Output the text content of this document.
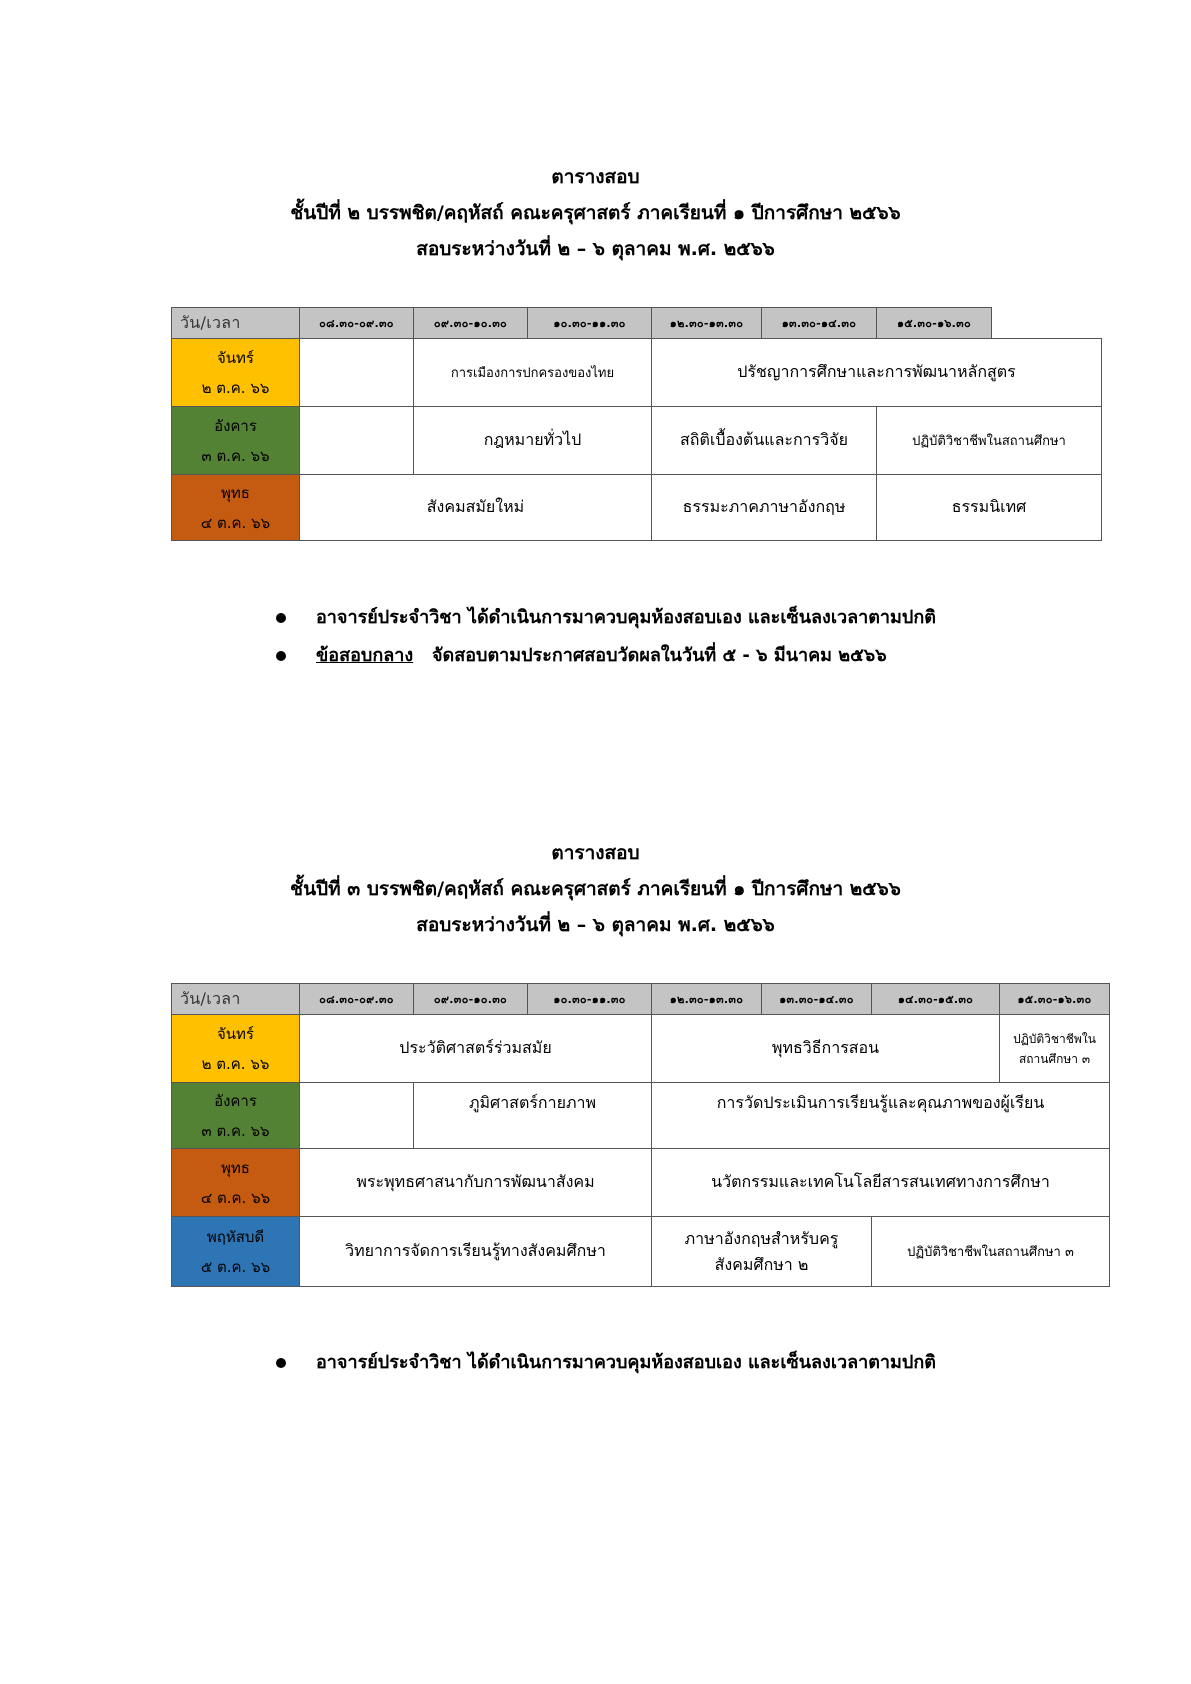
ตารางสอบ
ชั้นปีที่ ๒ บรรพชิต/คฤหัสถ์ คณะครุศาสตร์ ภาคเรียนที่ ๑ ปีการศึกษา ๒๕๖๖
สอบระหว่างวันที่ ๒ – ๖ ตุลาคม พ.ศ. ๒๕๖๖
วัน/เวลา	๐๘.๓๐-๐๙.๓๐	๐๙.๓๐-๑๐.๓๐	๑๐.๓๐-๑๑.๓๐	๑๒.๓๐-๑๓.๓๐	๑๓.๓๐-๑๔.๓๐	๑๕.๓๐-๑๖.๓๐

จันทร์
๒ ต.ค. ๖๖		การเมืองการปกครองของไทย		ปรัชญาการศึกษาและการพัฒนาหลักสูตร		

อังคาร
๓ ต.ค. ๖๖		กฎหมายทั่วไป		สถิติเบื้องต้นและการวิจัย		ปฏิบัติวิชาชีพในสถานศึกษา

พุทธ
๔ ต.ค. ๖๖	สังคมสมัยใหม่			ธรรมะภาคภาษาอังกฤษ		ธรรมนิเทศ
อาจารย์ประจำวิชา ได้ดำเนินการมาควบคุมห้องสอบเอง และเซ็นลงเวลาตามปกติ
ข้อสอบกลาง จัดสอบตามประกาศสอบวัดผลในวันที่ ๕ - ๖ มีนาคม ๒๕๖๖
ตารางสอบ
ชั้นปีที่ ๓ บรรพชิต/คฤหัสถ์ คณะครุศาสตร์ ภาคเรียนที่ ๑ ปีการศึกษา ๒๕๖๖
สอบระหว่างวันที่ ๒ – ๖ ตุลาคม พ.ศ. ๒๕๖๖
วัน/เวลา	๐๘.๓๐-๐๙.๓๐	๐๙.๓๐-๑๐.๓๐	๑๐.๓๐-๑๑.๓๐	๑๒.๓๐-๑๓.๓๐	๑๓.๓๐-๑๔.๓๐	๑๔.๓๐-๑๕.๓๐	๑๕.๓๐-๑๖.๓๐

จันทร์
๒ ต.ค. ๖๖	ประวัติศาสตร์ร่วมสมัย			พุทธวิธีการสอน			ปฏิบัติวิชาชีพใน
สถานศึกษา ๓

อังคาร
๓ ต.ค. ๖๖		ภูมิศาสตร์กายภาพ		การวัดประเมินการเรียนรู้และคุณภาพของผู้เรียน			

พุทธ
๔ ต.ค. ๖๖	พระพุทธศาสนากับการพัฒนาสังคม			นวัตกรรมและเทคโนโลยีสารสนเทศทางการศึกษา			

พฤหัสบดี
๕ ต.ค. ๖๖	วิทยาการจัดการเรียนรู้ทางสังคมศึกษา			ภาษาอังกฤษสำหรับครู
สังคมศึกษา ๒		ปฏิบัติวิชาชีพในสถานศึกษา ๓	
อาจารย์ประจำวิชา ได้ดำเนินการมาควบคุมห้องสอบเอง และเซ็นลงเวลาตามปกติ
